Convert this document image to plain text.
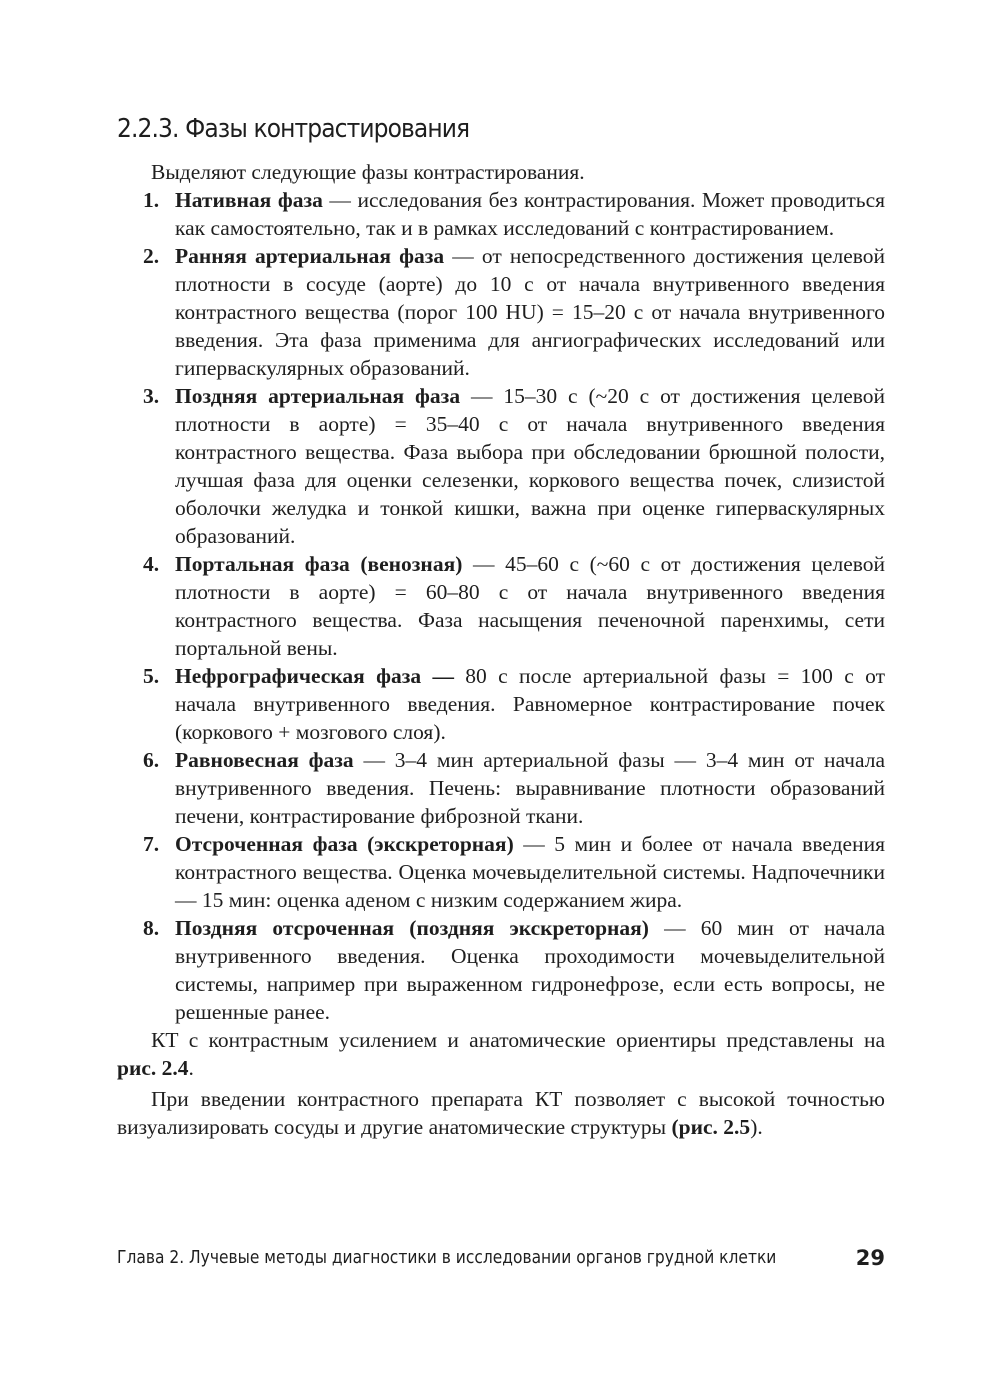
2.2.3. Фазы контрастирования

Выделяют следующие фазы контрастирования.

1. Нативная фаза — исследования без контрастирования. Может проводиться как самостоятельно, так и в рамках исследований с контрастированием.
2. Ранняя артериальная фаза — от непосредственного достижения целевой плотности в сосуде (аорте) до 10 с от начала внутривенного введения контрастного вещества (порог 100 HU) = 15–20 с от начала внутривенного введения. Эта фаза применима для ангиографических исследований или гиперваскулярных образований.
3. Поздняя артериальная фаза — 15–30 с (~20 с от достижения целевой плотности в аорте) = 35–40 с от начала внутривенного введения контрастного вещества. Фаза выбора при обследовании брюшной полости, лучшая фаза для оценки селезенки, коркового вещества почек, слизистой оболочки желудка и тонкой кишки, важна при оценке гиперваскулярных образований.
4. Портальная фаза (венозная) — 45–60 с (~60 с от достижения целевой плотности в аорте) = 60–80 с от начала внутривенного введения контрастного вещества. Фаза насыщения печеночной паренхимы, сети портальной вены.
5. Нефрографическая фаза — 80 с после артериальной фазы = 100 с от начала внутривенного введения. Равномерное контрастирование почек (коркового + мозгового слоя).
6. Равновесная фаза — 3–4 мин артериальной фазы — 3–4 мин от начала внутривенного введения. Печень: выравнивание плотности образований печени, контрастирование фиброзной ткани.
7. Отсроченная фаза (экскреторная) — 5 мин и более от начала введения контрастного вещества. Оценка мочевыделительной системы. Надпочечники — 15 мин: оценка аденом с низким содержанием жира.
8. Поздняя отсроченная (поздняя экскреторная) — 60 мин от начала внутривенного введения. Оценка проходимости мочевыделительной системы, например при выраженном гидронефрозе, если есть вопросы, не решенные ранее.

КТ с контрастным усилением и анатомические ориентиры представлены на рис. 2.4.

При введении контрастного препарата КТ позволяет с высокой точностью визуализировать сосуды и другие анатомические структуры (рис. 2.5).

Глава 2. Лучевые методы диагностики в исследовании органов грудной клетки	29
